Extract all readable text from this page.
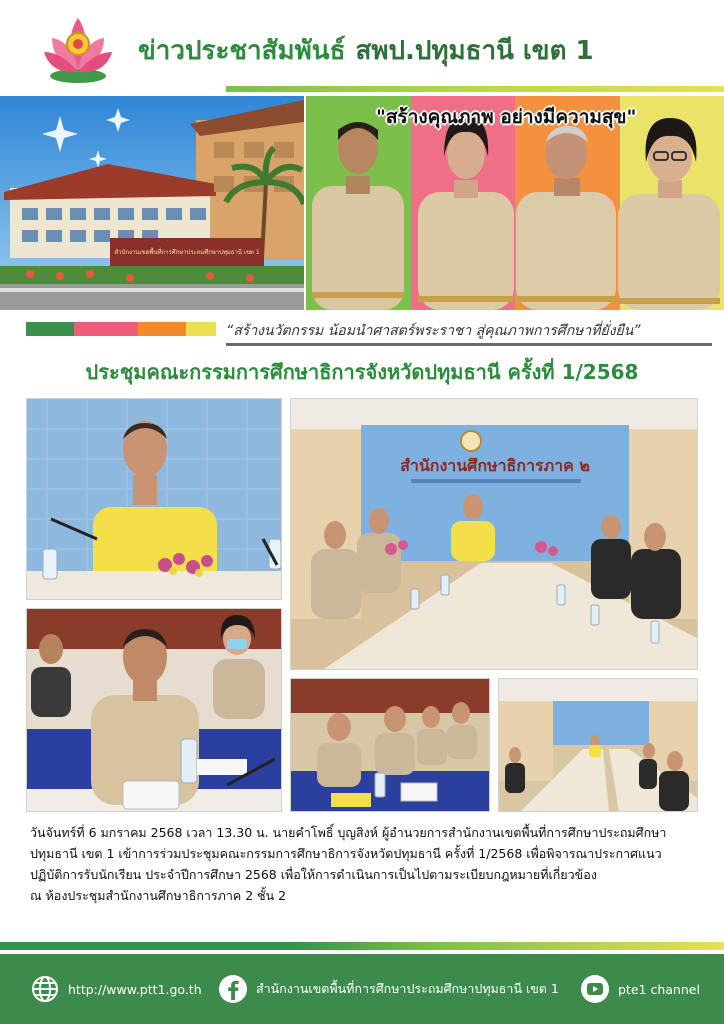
ข่าวประชาสัมพันธ์ สพป.ปทุมธานี เขต 1
สำนักงานเขตพื้นที่การศึกษาประถมศึกษาปทุมธานี เขต 1
"สร้างคุณภาพ อย่างมีความสุข"
“สร้างนวัตกรรม น้อมนำศาสตร์พระราชา สู่คุณภาพการศึกษาที่ยั่งยืน”
ประชุมคณะกรรมการศึกษาธิการจังหวัดปทุมธานี ครั้งที่ 1/2568
สำนักงานศึกษาธิการภาค ๒
วันจันทร์ที่ 6 มกราคม 2568 เวลา 13.30 น. นายคำโพธิ์ บุญสิงห์ ผู้อำนวยการสำนักงานเขตพื้นที่การศึกษาประถมศึกษา
ปทุมธานี เขต 1 เข้าการร่วมประชุมคณะกรรมการศึกษาธิการจังหวัดปทุมธานี ครั้งที่ 1/2568 เพื่อพิจารณาประกาศแนว
ปฏิบัติการรับนักเรียน ประจำปีการศึกษา 2568 เพื่อให้การดำเนินการเป็นไปตามระเบียบกฎหมายที่เกี่ยวข้อง
ณ ห้องประชุมสำนักงานศึกษาธิการภาค 2 ชั้น 2
http://www.ptt1.go.th	สำนักงานเขตพื้นที่การศึกษาประถมศึกษาปทุมธานี เขต 1	pte1 channel
